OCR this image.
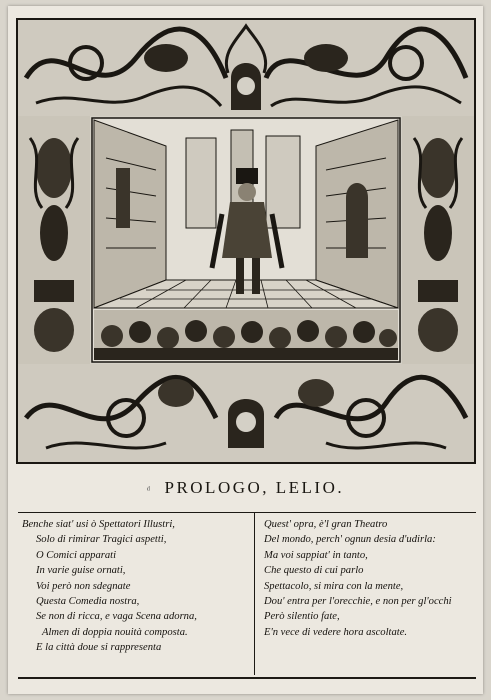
ᵈ PROLOGO, LELIO.
Benche siat' usi ò Spettatori Illustri,
Solo di rimirar Tragici aspetti,
O Comici apparati
In varie guise ornati,
Voi però non sdegnate
Questa Comedia nostra,
Se non di ricca, e vaga Scena adorna,
Almen di doppia nouità composta.
E la città doue si rappresenta
Quest' opra, è'l gran Theatro
Del mondo, perch' ognun desia d'udirla:
Ma voi sappiat' in tanto,
Che questo di cui parlo
Spettacolo, si mira con la mente,
Dou' entra per l'orecchie, e non per gl'occhi
Però silentio fate,
E'n vece di vedere hora ascoltate.
